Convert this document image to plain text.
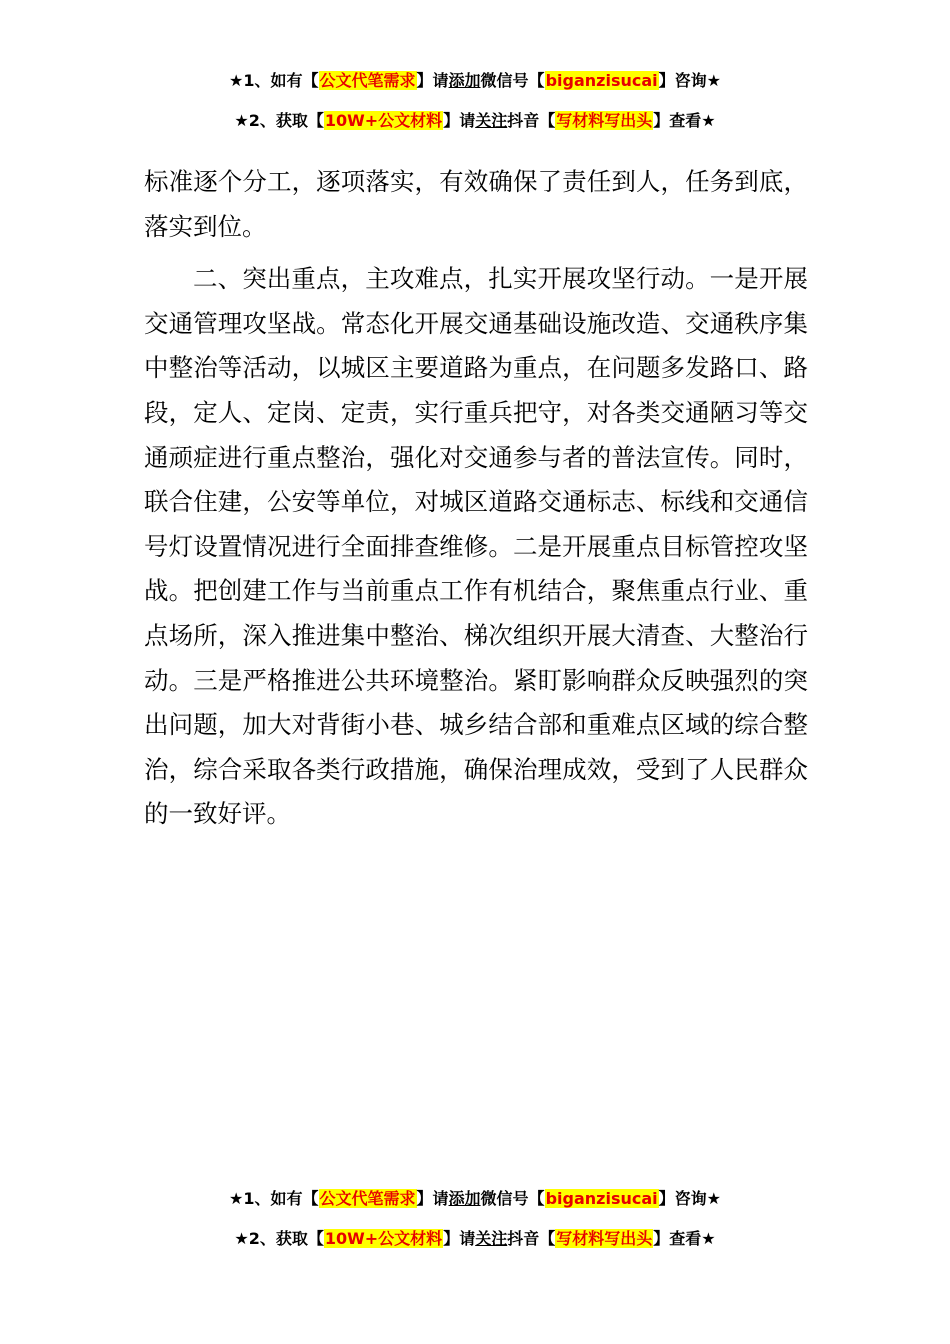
★1、如有【公文代笔需求】请添加微信号【biganzisucai】咨询★
★2、获取【10W+公文材料】请关注抖音【写材料写出头】查看★

标准逐个分工，逐项落实，有效确保了责任到人，任务到底，落实到位。

二、突出重点，主攻难点，扎实开展攻坚行动。一是开展交通管理攻坚战。常态化开展交通基础设施改造、交通秩序集中整治等活动，以城区主要道路为重点，在问题多发路口、路段，定人、定岗、定责，实行重兵把守，对各类交通陋习等交通顽症进行重点整治，强化对交通参与者的普法宣传。同时，联合住建，公安等单位，对城区道路交通标志、标线和交通信号灯设置情况进行全面排查维修。二是开展重点目标管控攻坚战。把创建工作与当前重点工作有机结合，聚焦重点行业、重点场所，深入推进集中整治、梯次组织开展大清查、大整治行动。三是严格推进公共环境整治。紧盯影响群众反映强烈的突出问题，加大对背街小巷、城乡结合部和重难点区域的综合整治，综合采取各类行政措施，确保治理成效，受到了人民群众的一致好评。

★1、如有【公文代笔需求】请添加微信号【biganzisucai】咨询★
★2、获取【10W+公文材料】请关注抖音【写材料写出头】查看★
